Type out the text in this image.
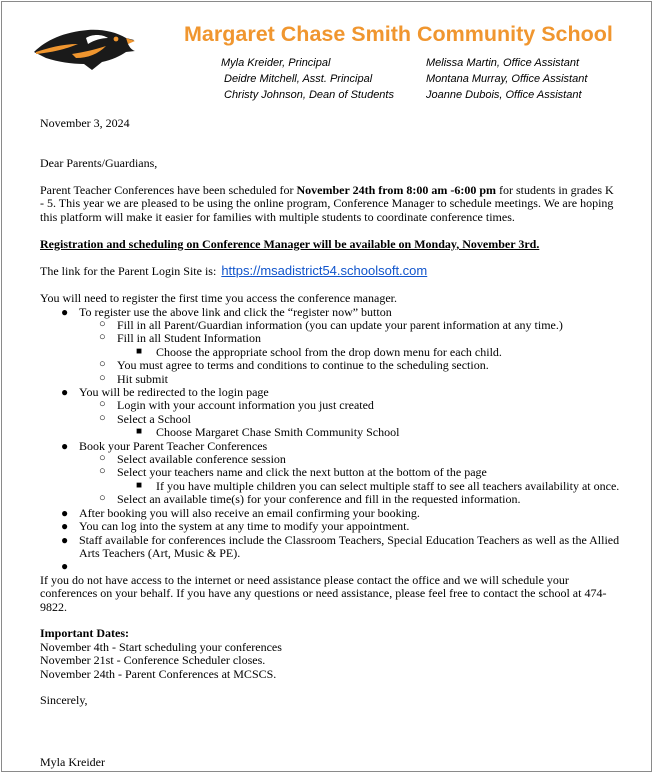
Margaret Chase Smith Community School
Myla Kreider, Principal
Deidre Mitchell, Asst. Principal
Christy Johnson, Dean of Students
Melissa Martin, Office Assistant
Montana Murray, Office Assistant
Joanne Dubois, Office Assistant

November 3, 2024

Dear Parents/Guardians,

Parent Teacher Conferences have been scheduled for November 24th from 8:00 am -6:00 pm for students in grades K - 5. This year we are pleased to be using the online program, Conference Manager to schedule meetings. We are hoping this platform will make it easier for families with multiple students to coordinate conference times.

Registration and scheduling on Conference Manager will be available on Monday, November 3rd.

The link for the Parent Login Site is: https://msadistrict54.schoolsoft.com

You will need to register the first time you access the conference manager.

● To register use the above link and click the “register now” button
○ Fill in all Parent/Guardian information (you can update your parent information at any time.)
○ Fill in all Student Information
■ Choose the appropriate school from the drop down menu for each child.
○ You must agree to terms and conditions to continue to the scheduling section.
○ Hit submit
● You will be redirected to the login page
○ Login with your account information you just created
○ Select a School
■ Choose Margaret Chase Smith Community School
● Book your Parent Teacher Conferences
○ Select available conference session
○ Select your teachers name and click the next button at the bottom of the page
■ If you have multiple children you can select multiple staff to see all teachers availability at once.
○ Select an available time(s) for your conference and fill in the requested information.
● After booking you will also receive an email confirming your booking.
● You can log into the system at any time to modify your appointment.
● Staff available for conferences include the Classroom Teachers, Special Education Teachers as well as the Allied Arts Teachers (Art, Music & PE).
●

If you do not have access to the internet or need assistance please contact the office and we will schedule your conferences on your behalf. If you have any questions or need assistance, please feel free to contact the school at 474-9822.

Important Dates:

November 4th - Start scheduling your conferences

November 21st - Conference Scheduler closes.

November 24th - Parent Conferences at MCSCS.

Sincerely,

Myla Kreider
